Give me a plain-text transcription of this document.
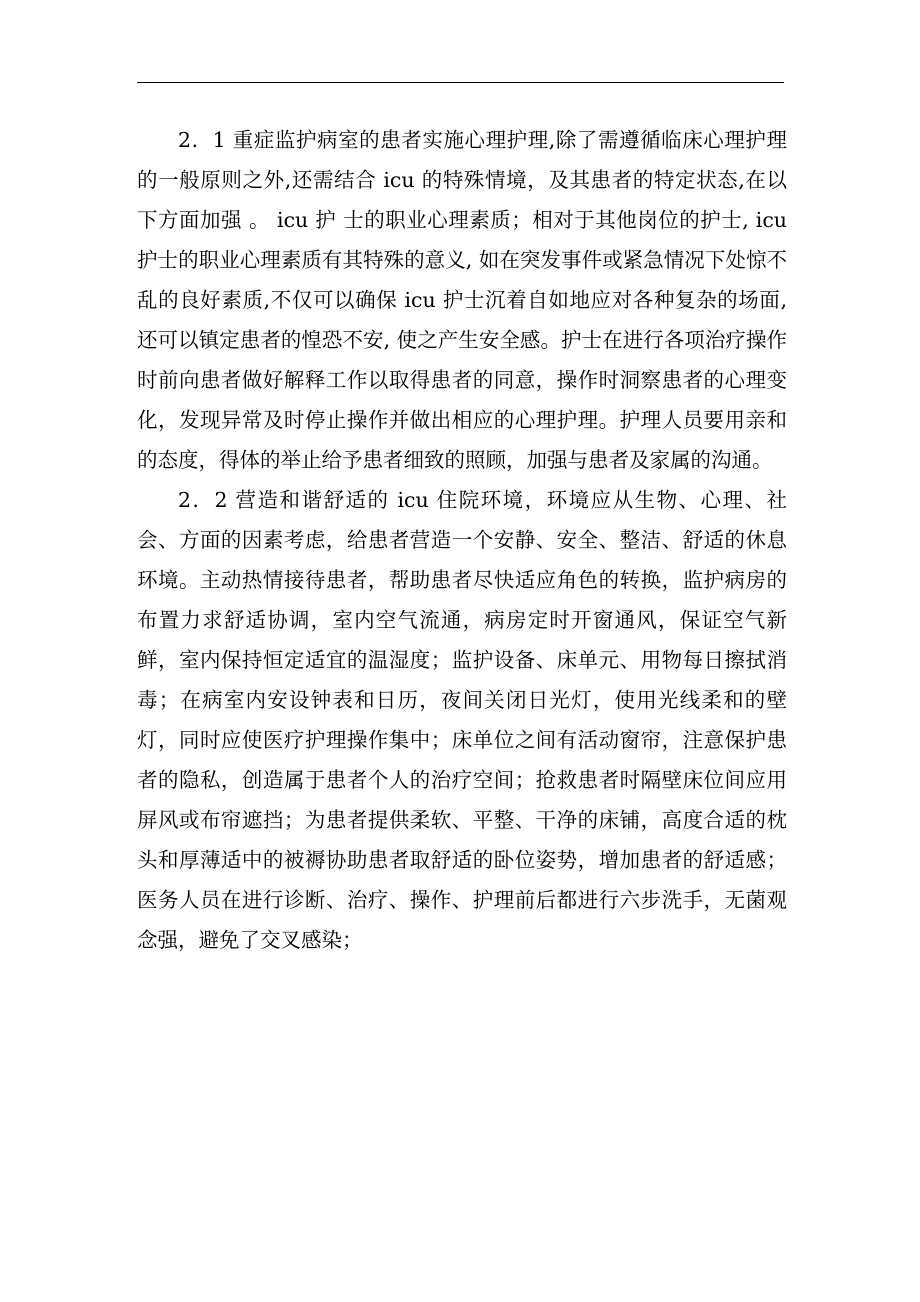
2．1 重症监护病室的患者实施心理护理,除了需遵循临床心理护理的一般原则之外,还需结合 icu 的特殊情境，及其患者的特定状态,在以下方面加强 。 icu 护 士的职业心理素质；相对于其他岗位的护士, icu 护士的职业心理素质有其特殊的意义, 如在突发事件或紧急情况下处惊不乱的良好素质,不仅可以确保 icu 护士沉着自如地应对各种复杂的场面, 还可以镇定患者的惶恐不安, 使之产生安全感。护士在进行各项治疗操作时前向患者做好解释工作以取得患者的同意，操作时洞察患者的心理变化，发现异常及时停止操作并做出相应的心理护理。护理人员要用亲和的态度，得体的举止给予患者细致的照顾，加强与患者及家属的沟通。

2．2 营造和谐舒适的 icu 住院环境，环境应从生物、心理、社会、方面的因素考虑，给患者营造一个安静、安全、整洁、舒适的休息环境。主动热情接待患者，帮助患者尽快适应角色的转换，监护病房的布置力求舒适协调，室内空气流通，病房定时开窗通风，保证空气新鲜，室内保持恒定适宜的温湿度；监护设备、床单元、用物每日擦拭消毒；在病室内安设钟表和日历，夜间关闭日光灯，使用光线柔和的壁灯，同时应使医疗护理操作集中；床单位之间有活动窗帘，注意保护患者的隐私，创造属于患者个人的治疗空间；抢救患者时隔壁床位间应用屏风或布帘遮挡；为患者提供柔软、平整、干净的床铺，高度合适的枕头和厚薄适中的被褥协助患者取舒适的卧位姿势，增加患者的舒适感；医务人员在进行诊断、治疗、操作、护理前后都进行六步洗手，无菌观念强，避免了交叉感染；
